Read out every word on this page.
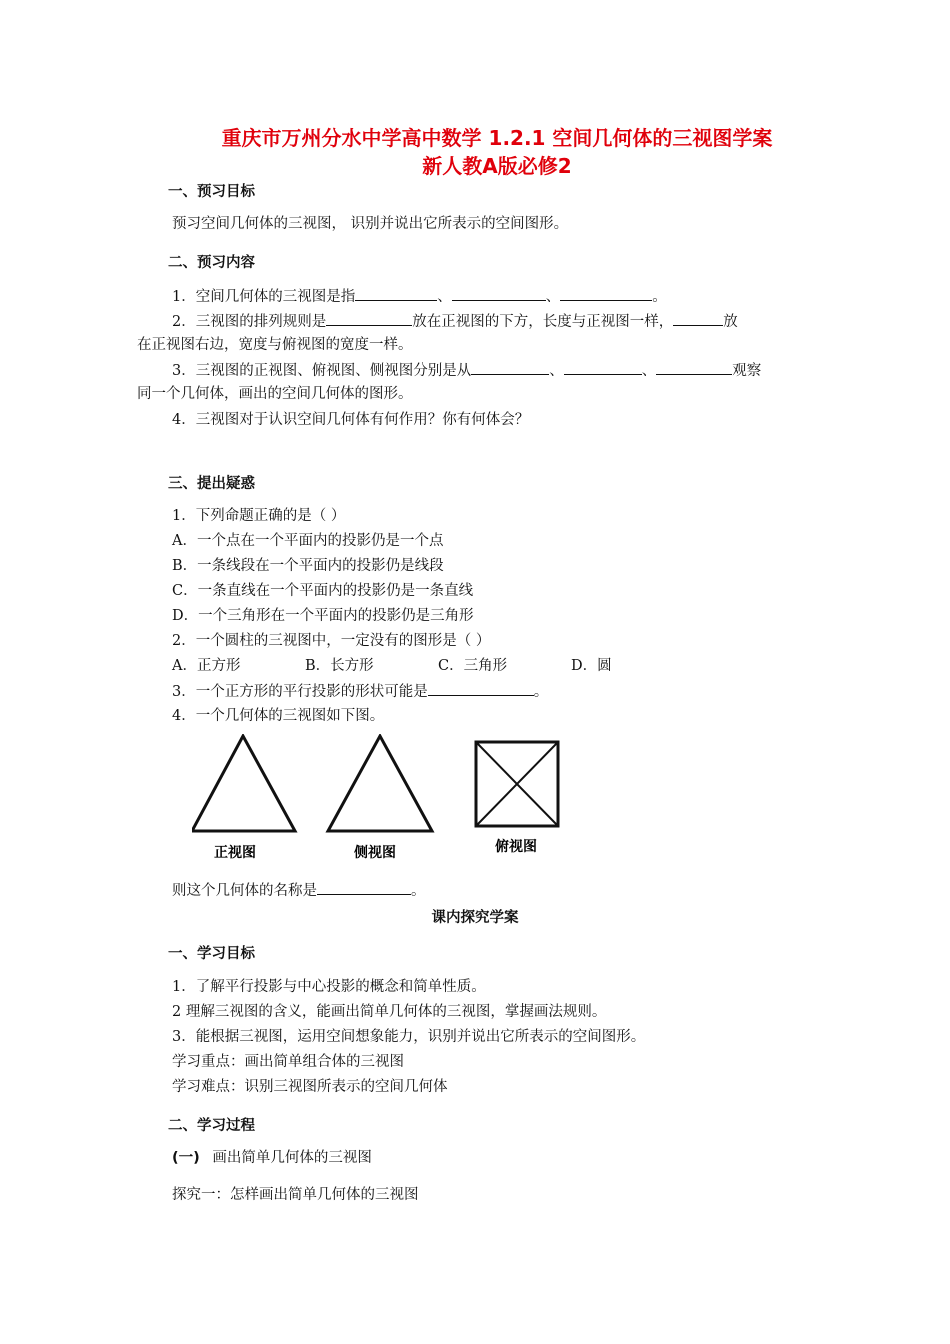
重庆市万州分水中学高中数学 1.2.1 空间几何体的三视图学案
新人教A版必修2
一、预习目标
预习空间几何体的三视图， 识别并说出它所表示的空间图形。
二、预习内容
1．空间几何体的三视图是指	、	、	。
2．三视图的排列规则是	放在正视图的下方，长度与正视图一样，	放
在正视图右边，宽度与俯视图的宽度一样。
3．三视图的正视图、俯视图、侧视图分别是从	、	、	观察
同一个几何体，画出的空间几何体的图形。
4．三视图对于认识空间几何体有何作用？你有何体会？
三、提出疑惑
1．下列命题正确的是（ ）
A．一个点在一个平面内的投影仍是一个点
B．一条线段在一个平面内的投影仍是线段
C．一条直线在一个平面内的投影仍是一条直线
D．一个三角形在一个平面内的投影仍是三角形
2．一个圆柱的三视图中，一定没有的图形是（ ）
A．正方形	B．长方形	C．三角形	D．圆
3．一个正方形的平行投影的形状可能是	。
4．一个几何体的三视图如下图。
正视图	侧视图	俯视图
则这个几何体的名称是	。
课内探究学案
一、学习目标
1．了解平行投影与中心投影的概念和简单性质。
2 理解三视图的含义，能画出简单几何体的三视图，掌握画法规则。
3．能根据三视图，运用空间想象能力，识别并说出它所表示的空间图形。
学习重点：画出简单组合体的三视图
学习难点：识别三视图所表示的空间几何体
二、学习过程
(一) 画出简单几何体的三视图
探究一：怎样画出简单几何体的三视图
